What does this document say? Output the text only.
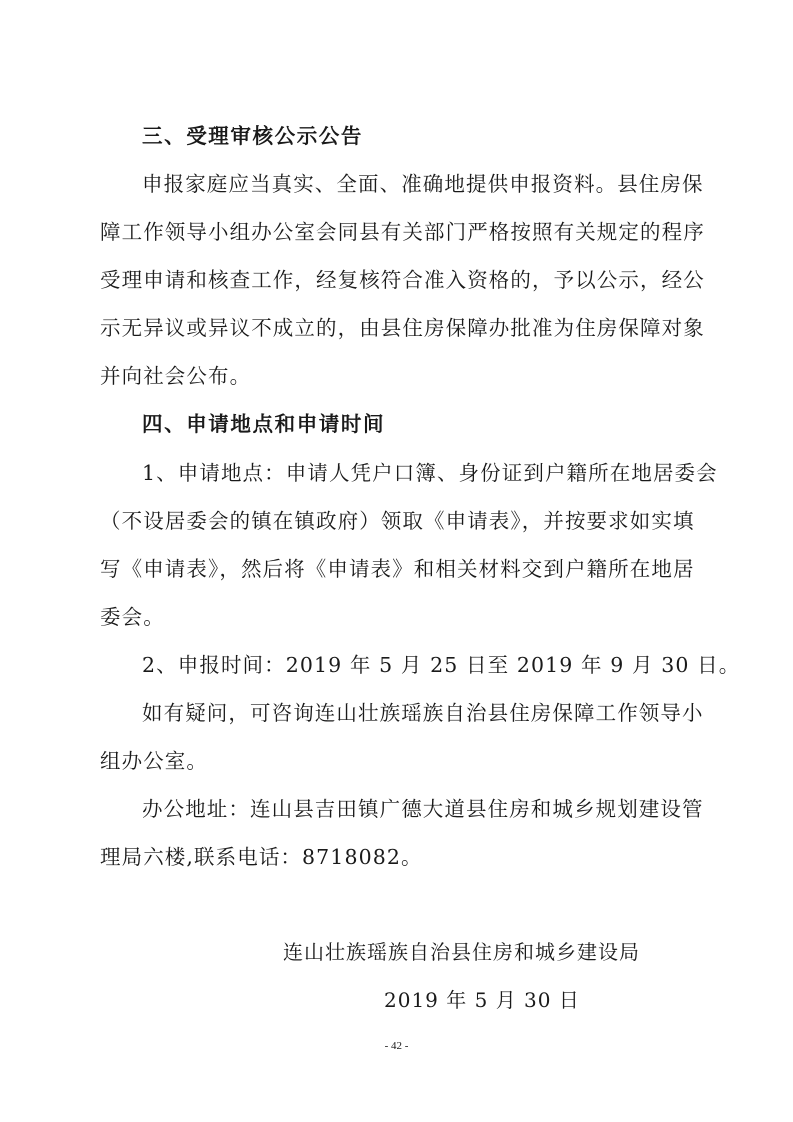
三、受理审核公示公告
申报家庭应当真实、全面、准确地提供申报资料。县住房保
障工作领导小组办公室会同县有关部门严格按照有关规定的程序
受理申请和核查工作，经复核符合准入资格的，予以公示，经公
示无异议或异议不成立的，由县住房保障办批准为住房保障对象
并向社会公布。
四、申请地点和申请时间
1、申请地点：申请人凭户口簿、身份证到户籍所在地居委会
（不设居委会的镇在镇政府）领取《申请表》，并按要求如实填
写《申请表》，然后将《申请表》和相关材料交到户籍所在地居
委会。
2、申报时间：2019 年 5 月 25 日至 2019 年 9 月 30 日。
如有疑问，可咨询连山壮族瑶族自治县住房保障工作领导小
组办公室。
办公地址：连山县吉田镇广德大道县住房和城乡规划建设管
理局六楼,联系电话：8718082。
连山壮族瑶族自治县住房和城乡建设局
2019 年 5 月 30 日
- 42 -
